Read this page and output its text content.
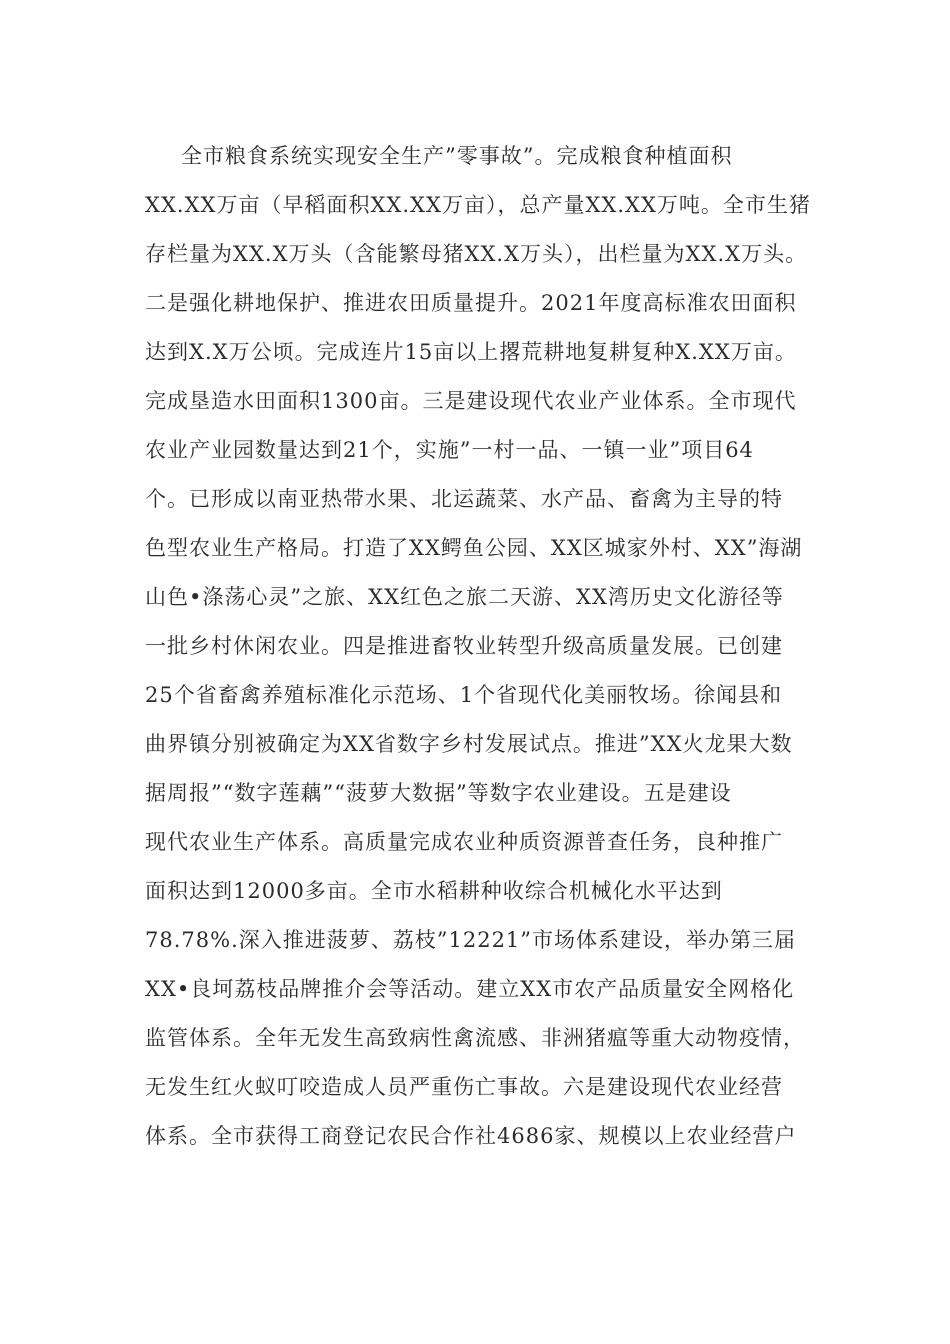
全市粮食系统实现安全生产”零事故”。完成粮食种植面积
XX.XX万亩（早稻面积XX.XX万亩），总产量XX.XX万吨。全市生猪
存栏量为XX.X万头（含能繁母猪XX.X万头），出栏量为XX.X万头。
二是强化耕地保护、推进农田质量提升。2021年度高标准农田面积
达到X.X万公顷。完成连片15亩以上撂荒耕地复耕复种X.XX万亩。
完成垦造水田面积1300亩。三是建设现代农业产业体系。全市现代
农业产业园数量达到21个，实施”一村一品、一镇一业”项目64
个。已形成以南亚热带水果、北运蔬菜、水产品、畜禽为主导的特
色型农业生产格局。打造了XX鳄鱼公园、XX区城家外村、XX”海湖
山色•涤荡心灵”之旅、XX红色之旅二天游、XX湾历史文化游径等
一批乡村休闲农业。四是推进畜牧业转型升级高质量发展。已创建
25个省畜禽养殖标准化示范场、1个省现代化美丽牧场。徐闻县和
曲界镇分别被确定为XX省数字乡村发展试点。推进”XX火龙果大数
据周报”“数字莲藕”“菠萝大数据”等数字农业建设。五是建设
现代农业生产体系。高质量完成农业种质资源普查任务，良种推广
面积达到12000多亩。全市水稻耕种收综合机械化水平达到
78.78%.深入推进菠萝、荔枝”12221”市场体系建设，举办第三届
XX•良坷荔枝品牌推介会等活动。建立XX市农产品质量安全网格化
监管体系。全年无发生高致病性禽流感、非洲猪瘟等重大动物疫情，
无发生红火蚁叮咬造成人员严重伤亡事故。六是建设现代农业经营
体系。全市获得工商登记农民合作社4686家、规模以上农业经营户
